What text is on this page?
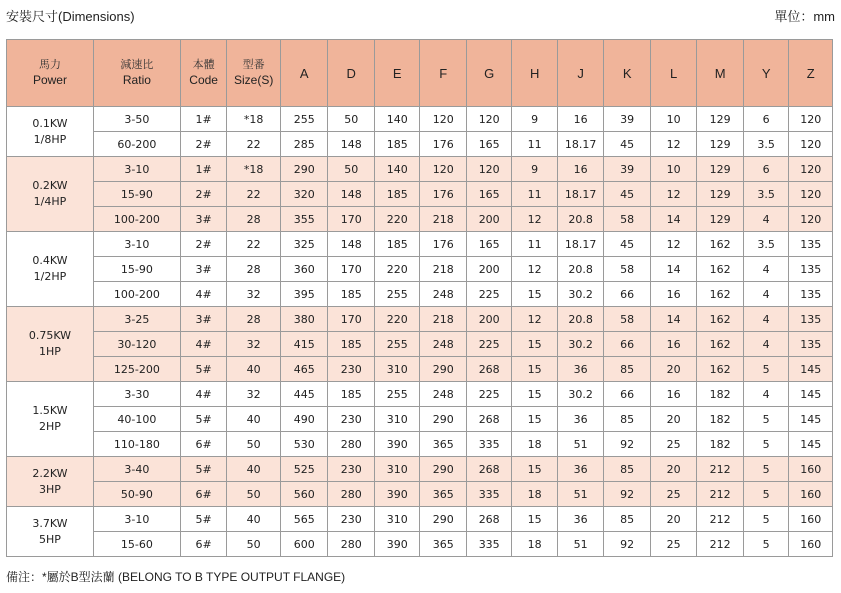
安裝尺寸(Dimensions)	單位：mm
馬力
Power	減速比
Ratio	本體
Code	型番
Size(S)	A	D	E	F	G	H	J	K	L	M	Y	Z

0.1KW
1/8HP	3-50	1#	*18	255	50	140	120	120	9	16	39	10	129	6	120
	60-200	2#	22	285	148	185	176	165	11	18.17	45	12	129	3.5	120

0.2KW
1/4HP	3-10	1#	*18	290	50	140	120	120	9	16	39	10	129	6	120
	15-90	2#	22	320	148	185	176	165	11	18.17	45	12	129	3.5	120
	100-200	3#	28	355	170	220	218	200	12	20.8	58	14	129	4	120

0.4KW
1/2HP	3-10	2#	22	325	148	185	176	165	11	18.17	45	12	162	3.5	135
	15-90	3#	28	360	170	220	218	200	12	20.8	58	14	162	4	135
	100-200	4#	32	395	185	255	248	225	15	30.2	66	16	162	4	135

0.75KW
1HP	3-25	3#	28	380	170	220	218	200	12	20.8	58	14	162	4	135
	30-120	4#	32	415	185	255	248	225	15	30.2	66	16	162	4	135
	125-200	5#	40	465	230	310	290	268	15	36	85	20	162	5	145

1.5KW
2HP	3-30	4#	32	445	185	255	248	225	15	30.2	66	16	182	4	145
	40-100	5#	40	490	230	310	290	268	15	36	85	20	182	5	145
	110-180	6#	50	530	280	390	365	335	18	51	92	25	182	5	145

2.2KW
3HP	3-40	5#	40	525	230	310	290	268	15	36	85	20	212	5	160
	50-90	6#	50	560	280	390	365	335	18	51	92	25	212	5	160

3.7KW
5HP	3-10	5#	40	565	230	310	290	268	15	36	85	20	212	5	160
	15-60	6#	50	600	280	390	365	335	18	51	92	25	212	5	160
備注：*屬於B型法蘭 (BELONG TO B TYPE OUTPUT FLANGE)
